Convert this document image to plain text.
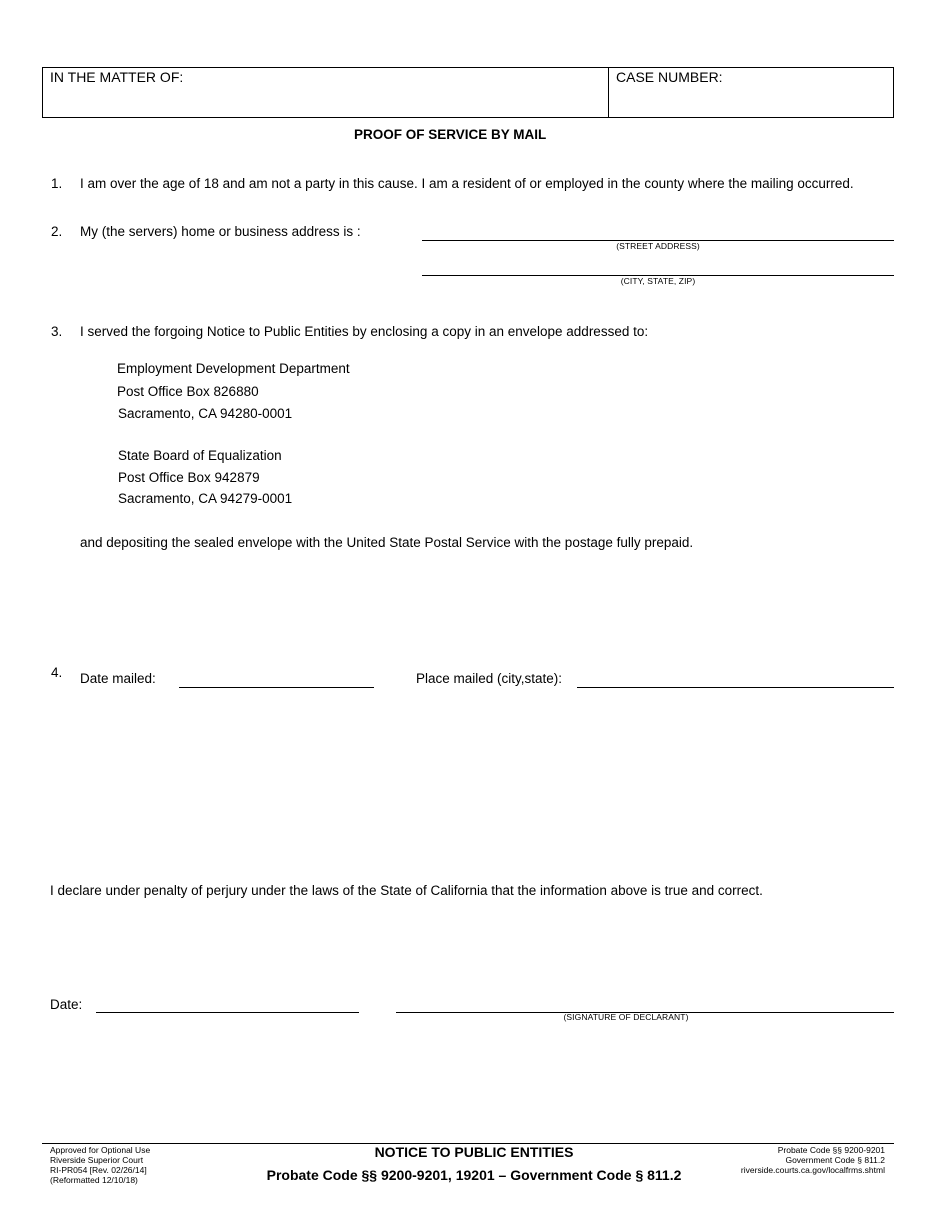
IN THE MATTER OF:	CASE NUMBER:
PROOF OF SERVICE BY MAIL
1. I am over the age of 18 and am not a party in this cause. I am a resident of or employed in the county where the mailing occurred.
2. My (the servers) home or business address is :
(STREET ADDRESS)
(CITY, STATE, ZIP)
3. I served the forgoing Notice to Public Entities by enclosing a copy in an envelope addressed to:
Employment Development Department
Post Office Box 826880
Sacramento, CA 94280-0001
State Board of Equalization
Post Office Box 942879
Sacramento, CA 94279-0001
and depositing the sealed envelope with the United State Postal Service with the postage fully prepaid.
4. Date mailed:	Place mailed (city,state):
I declare under penalty of perjury under the laws of the State of California that the information above is true and correct.
Date:
(SIGNATURE OF DECLARANT)
Approved for Optional Use
Riverside Superior Court
RI-PR054 [Rev. 02/26/14]
(Reformatted 12/10/18)
NOTICE TO PUBLIC ENTITIES
Probate Code §§ 9200-9201, 19201 – Government Code § 811.2
Probate Code §§ 9200-9201
Government Code § 811.2
riverside.courts.ca.gov/localfrms.shtml
